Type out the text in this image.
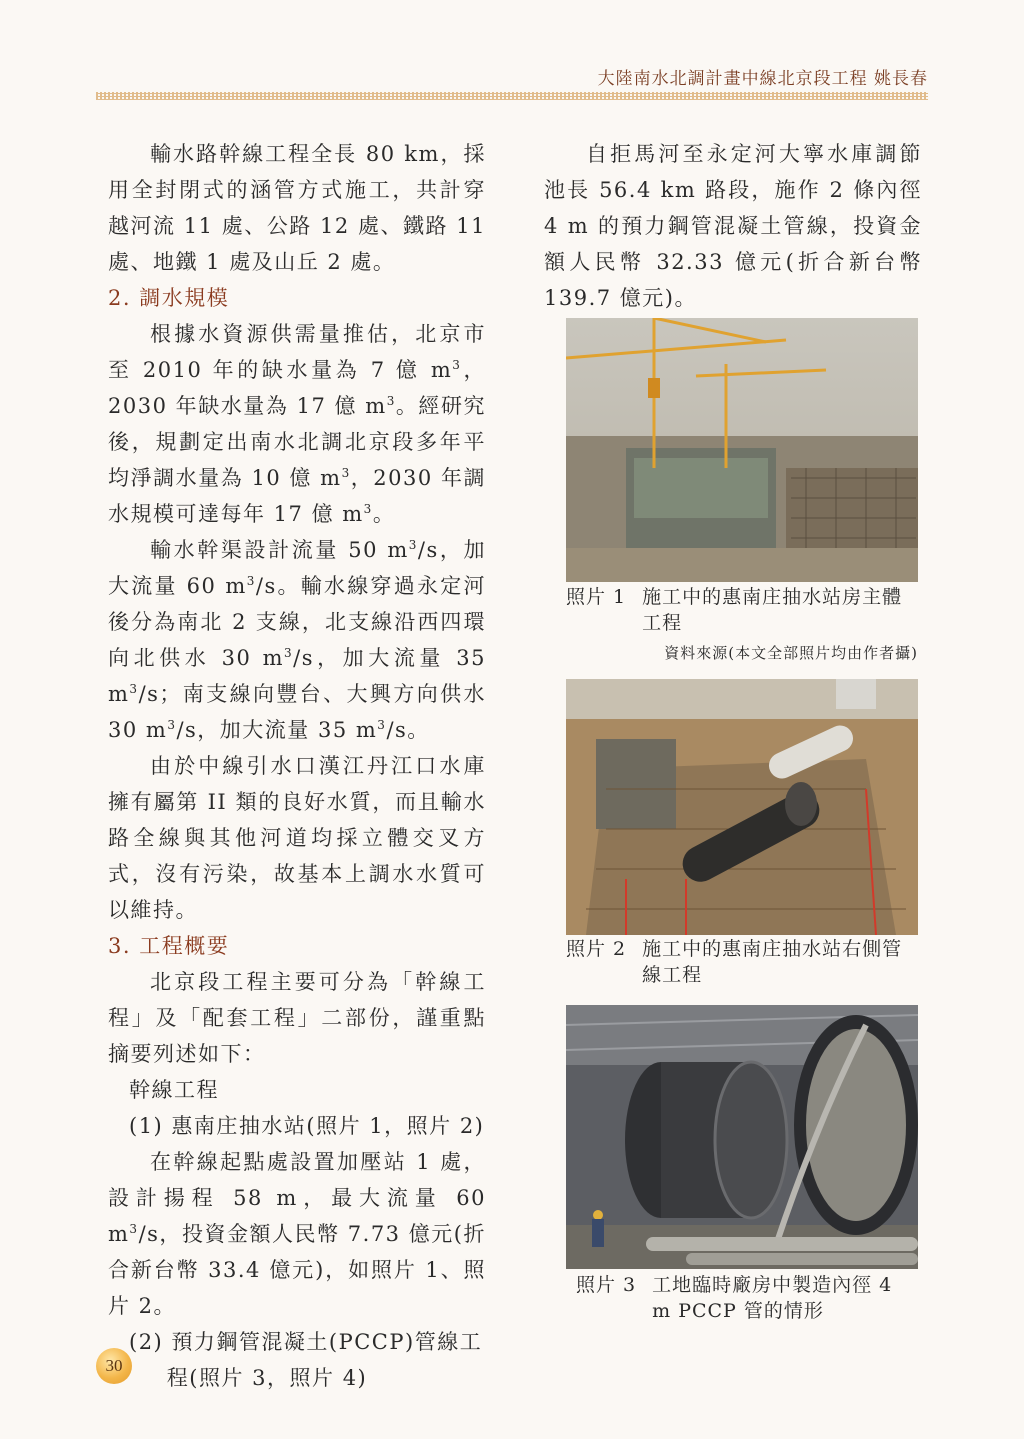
大陸南水北調計畫中線北京段工程 姚長春

輸水路幹線工程全長 80 km，採用全封閉式的涵管方式施工，共計穿越河流 11 處、公路 12 處、鐵路 11 處、地鐵 1 處及山丘 2 處。

2. 調水規模

根據水資源供需量推估，北京市至 2010 年的缺水量為 7 億 $m^3$，2030 年缺水量為 17 億 $m^3$。經研究後，規劃定出南水北調北京段多年平均淨調水量為 10 億 $m^3$，2030 年調水規模可達每年 17 億 $m^3$。

輸水幹渠設計流量 50 $m^3/s$，加大流量 60 $m^3/s$。輸水線穿過永定河後分為南北 2 支線，北支線沿西四環向北供水 30 $m^3/s$，加大流量 35 $m^3/s$；南支線向豐台、大興方向供水 30 $m^3/s$，加大流量 35 $m^3/s$。

由於中線引水口漢江丹江口水庫擁有屬第 II 類的良好水質，而且輸水路全線與其他河道均採立體交叉方式，沒有污染，故基本上調水水質可以維持。

3. 工程概要

北京段工程主要可分為「幹線工程」及「配套工程」二部份，謹重點摘要列述如下：

幹線工程

(1) 惠南庄抽水站(照片 1，照片 2)

在幹線起點處設置加壓站 1 處，設計揚程 58 m，最大流量 60 $m^3/s$，投資金額人民幣 7.73 億元(折合新台幣 33.4 億元)，如照片 1、照片 2。

(2) 預力鋼管混凝土(PCCP)管線工

程(照片 3，照片 4)

自拒馬河至永定河大寧水庫調節池長 56.4 km 路段，施作 2 條內徑 4 m 的預力鋼管混凝土管線，投資金額人民幣 32.33 億元(折合新台幣 139.7 億元)。

照片 1 施工中的惠南庄抽水站房主體工程
資料來源(本文全部照片均由作者攝)
照片 2 施工中的惠南庄抽水站右側管線工程
照片 3 工地臨時廠房中製造內徑 4 m PCCP 管的情形
30
